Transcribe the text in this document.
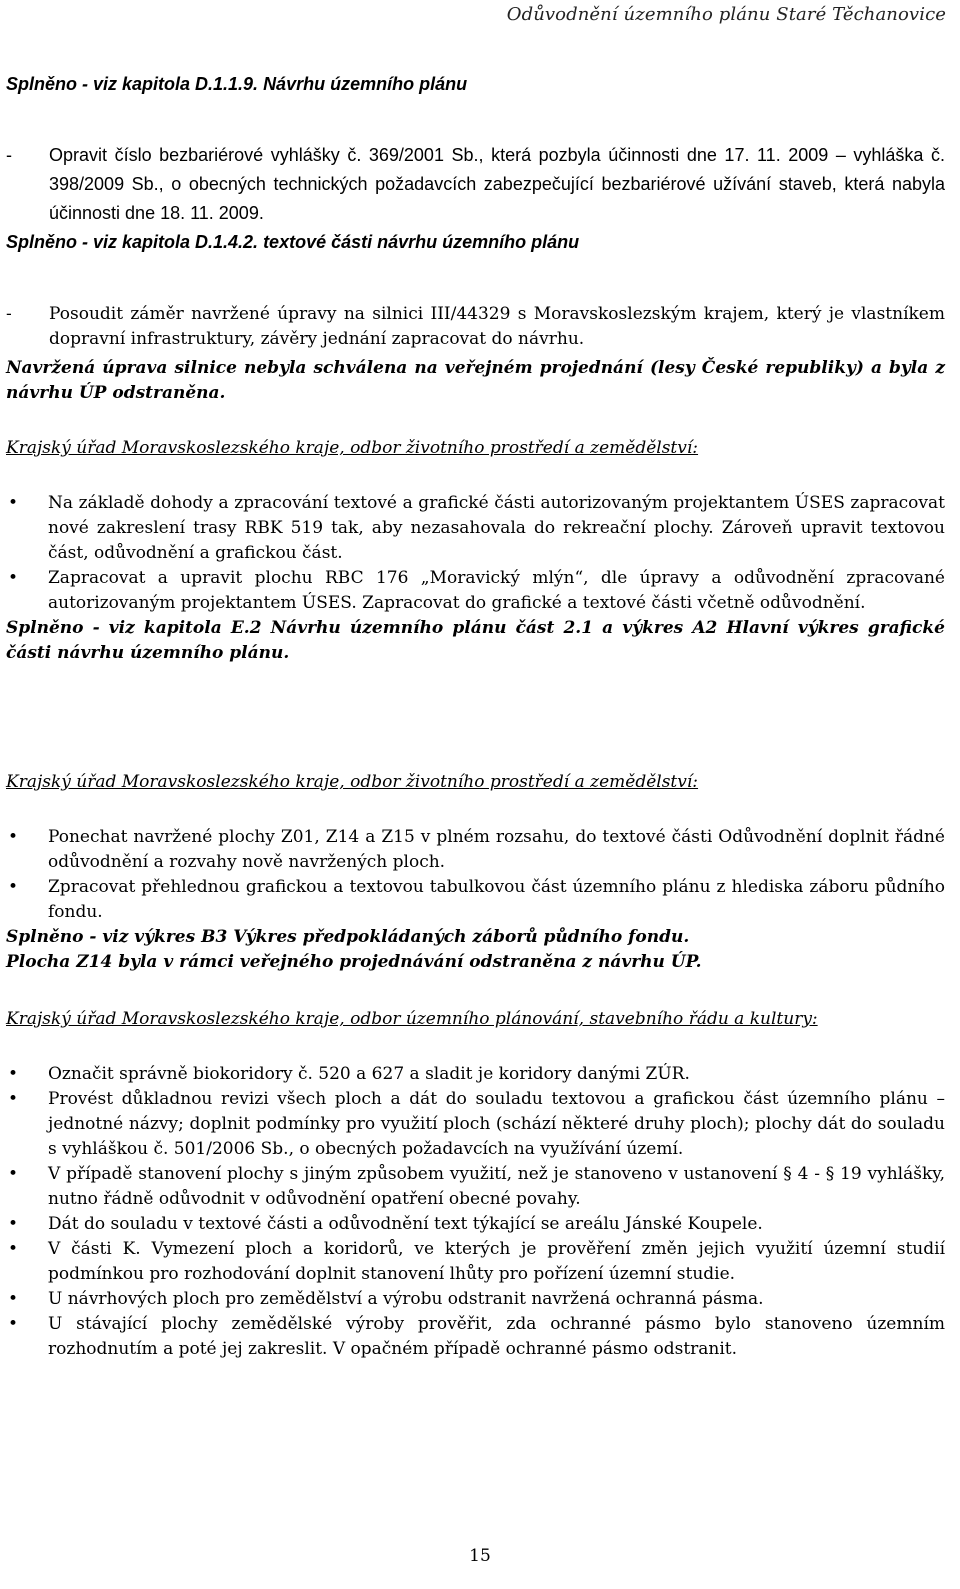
Odůvodnění územního plánu Staré Těchanovice

Splněno - viz kapitola D.1.1.9. Návrhu územního plánu

-	Opravit číslo bezbariérové vyhlášky č. 369/2001 Sb., která pozbyla účinnosti dne 17. 11. 2009 – vyhláška č. 398/2009 Sb., o obecných technických požadavcích zabezpečující bezbariérové užívání staveb, která nabyla účinnosti dne 18. 11. 2009.

Splněno - viz kapitola D.1.4.2. textové části návrhu územního plánu

-	Posoudit záměr navržené úpravy na silnici III/44329 s Moravskoslezským krajem, který je vlastníkem dopravní infrastruktury, závěry jednání zapracovat do návrhu.

Navržená úprava silnice nebyla schválena na veřejném projednání (lesy České republiky) a byla z návrhu ÚP odstraněna.

Krajský úřad Moravskoslezského kraje, odbor životního prostředí a zemědělství:

• Na základě dohody a zpracování textové a grafické části autorizovaným projektantem ÚSES zapracovat nové zakreslení trasy RBK 519 tak, aby nezasahovala do rekreační plochy. Zároveň upravit textovou část, odůvodnění a grafickou část.
• Zapracovat a upravit plochu RBC 176 „Moravický mlýn“, dle úpravy a odůvodnění zpracované autorizovaným projektantem ÚSES. Zapracovat do grafické a textové části včetně odůvodnění.

Splněno - viz kapitola E.2 Návrhu územního plánu část 2.1 a výkres A2 Hlavní výkres grafické části návrhu územního plánu.

Krajský úřad Moravskoslezského kraje, odbor životního prostředí a zemědělství:

• Ponechat navržené plochy Z01, Z14 a Z15 v plném rozsahu, do textové části Odůvodnění doplnit řádné odůvodnění a rozvahy nově navržených ploch.
• Zpracovat přehlednou grafickou a textovou tabulkovou část územního plánu z hlediska záboru půdního fondu.

Splněno - viz výkres B3 Výkres předpokládaných záborů půdního fondu.

Plocha Z14 byla v rámci veřejného projednávání odstraněna z návrhu ÚP.

Krajský úřad Moravskoslezského kraje, odbor územního plánování, stavebního řádu a kultury:

• Označit správně biokoridory č. 520 a 627 a sladit je koridory danými ZÚR.
• Provést důkladnou revizi všech ploch a dát do souladu textovou a grafickou část územního plánu – jednotné názvy; doplnit podmínky pro využití ploch (schází některé druhy ploch); plochy dát do souladu s vyhláškou č. 501/2006 Sb., o obecných požadavcích na využívání území.
• V případě stanovení plochy s jiným způsobem využití, než je stanoveno v ustanovení § 4 - § 19 vyhlášky, nutno řádně odůvodnit v odůvodnění opatření obecné povahy.
• Dát do souladu v textové části a odůvodnění text týkající se areálu Jánské Koupele.
• V části K. Vymezení ploch a koridorů, ve kterých je prověření změn jejich využití územní studií podmínkou pro rozhodování doplnit stanovení lhůty pro pořízení územní studie.
• U návrhových ploch pro zemědělství a výrobu odstranit navržená ochranná pásma.
• U stávající plochy zemědělské výroby prověřit, zda ochranné pásmo bylo stanoveno územním rozhodnutím a poté jej zakreslit. V opačném případě ochranné pásmo odstranit.
15
